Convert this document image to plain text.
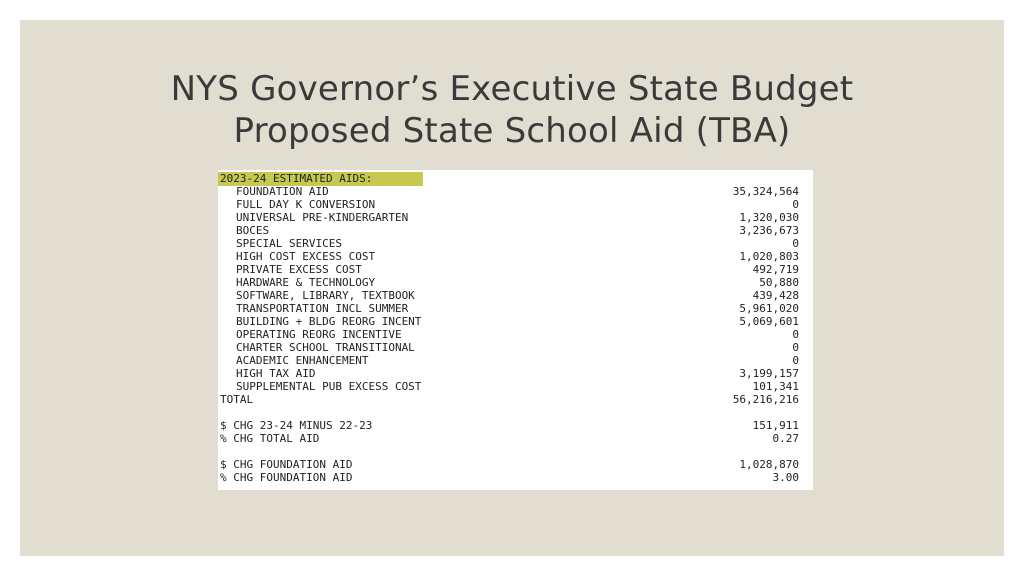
NYS Governor’s Executive State Budget
Proposed State School Aid (TBA)
2023-24 ESTIMATED AIDS:
FOUNDATION AID	35,324,564
FULL DAY K CONVERSION	0
UNIVERSAL PRE-KINDERGARTEN	1,320,030
BOCES	3,236,673
SPECIAL SERVICES	0
HIGH COST EXCESS COST	1,020,803
PRIVATE EXCESS COST	492,719
HARDWARE & TECHNOLOGY	50,880
SOFTWARE, LIBRARY, TEXTBOOK	439,428
TRANSPORTATION INCL SUMMER	5,961,020
BUILDING + BLDG REORG INCENT	5,069,601
OPERATING REORG INCENTIVE	0
CHARTER SCHOOL TRANSITIONAL	0
ACADEMIC ENHANCEMENT	0
HIGH TAX AID	3,199,157
SUPPLEMENTAL PUB EXCESS COST	101,341
TOTAL	56,216,216
$ CHG 23-24 MINUS 22-23	151,911
% CHG TOTAL AID	0.27
$ CHG FOUNDATION AID	1,028,870
% CHG FOUNDATION AID	3.00
